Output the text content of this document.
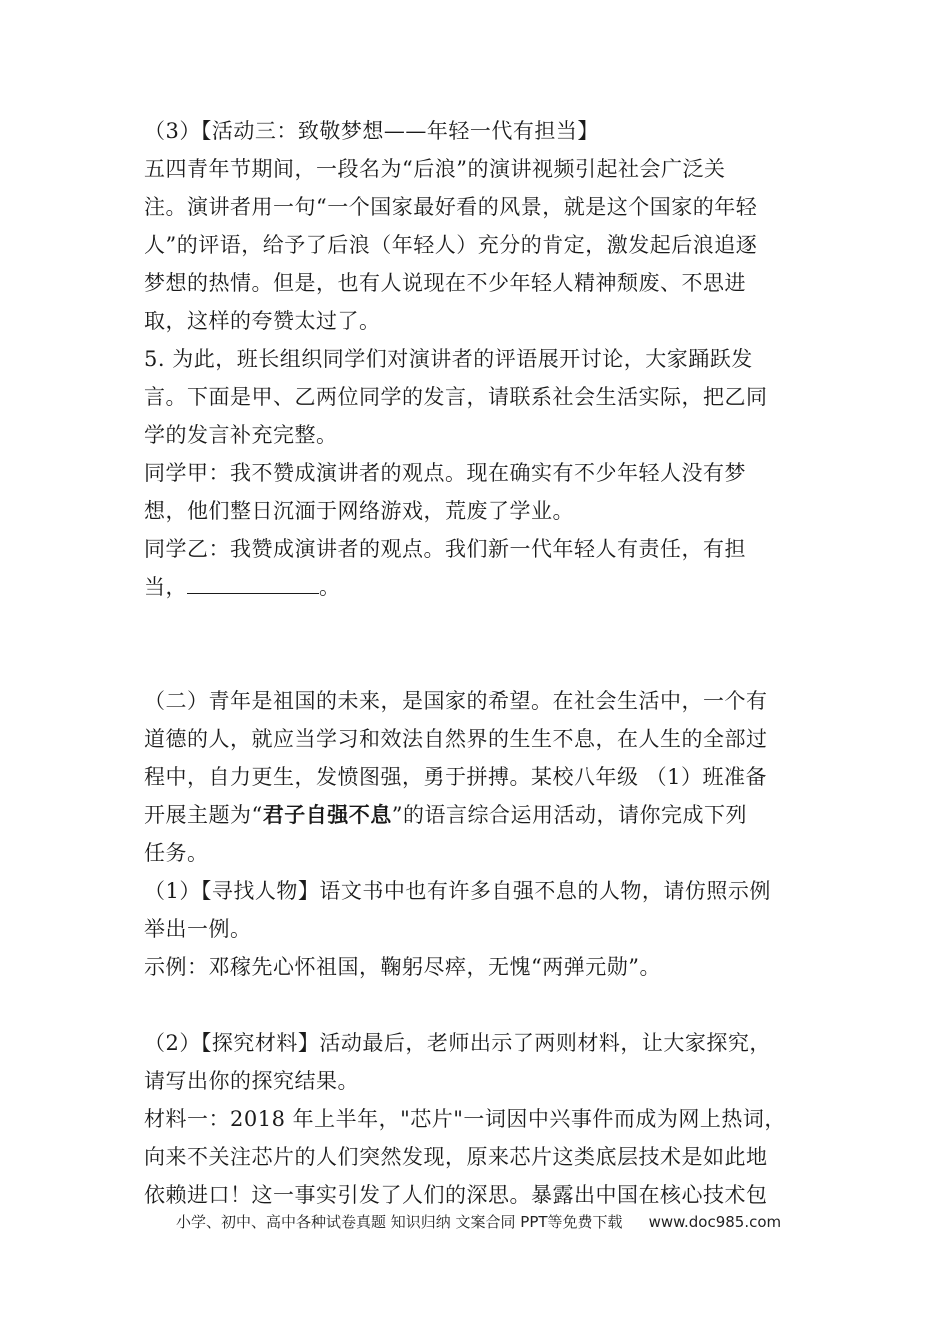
（3）【活动三：致敬梦想——年轻一代有担当】
五四青年节期间，一段名为“后浪”的演讲视频引起社会广泛关
注。演讲者用一句“一个国家最好看的风景，就是这个国家的年轻
人”的评语，给予了后浪（年轻人）充分的肯定，激发起后浪追逐
梦想的热情。但是，也有人说现在不少年轻人精神颓废、不思进
取，这样的夸赞太过了。
5. 为此，班长组织同学们对演讲者的评语展开讨论，大家踊跃发
言。下面是甲、乙两位同学的发言，请联系社会生活实际，把乙同
学的发言补充完整。
同学甲：我不赞成演讲者的观点。现在确实有不少年轻人没有梦
想，他们整日沉湎于网络游戏，荒废了学业。
同学乙：我赞成演讲者的观点。我们新一代年轻人有责任，有担
当，	。
（二）青年是祖国的未来，是国家的希望。在社会生活中，一个有
道德的人，就应当学习和效法自然界的生生不息，在人生的全部过
程中，自力更生，发愤图强，勇于拼搏。某校八年级 （1）班准备
开展主题为“君子自强不息”的语言综合运用活动，请你完成下列
任务。
（1）【寻找人物】语文书中也有许多自强不息的人物，请仿照示例
举出一例。
示例：邓稼先心怀祖国，鞠躬尽瘁，无愧“两弹元勋”。
（2）【探究材料】活动最后，老师出示了两则材料，让大家探究，
请写出你的探究结果。
材料一：2018 年上半年，"芯片"一词因中兴事件而成为网上热词，
向来不关注芯片的人们突然发现，原来芯片这类底层技术是如此地
依赖进口！这一事实引发了人们的深思。暴露出中国在核心技术包
小学、初中、高中各种试卷真题 知识归纳 文案合同 PPT等免费下载 www.doc985.com
